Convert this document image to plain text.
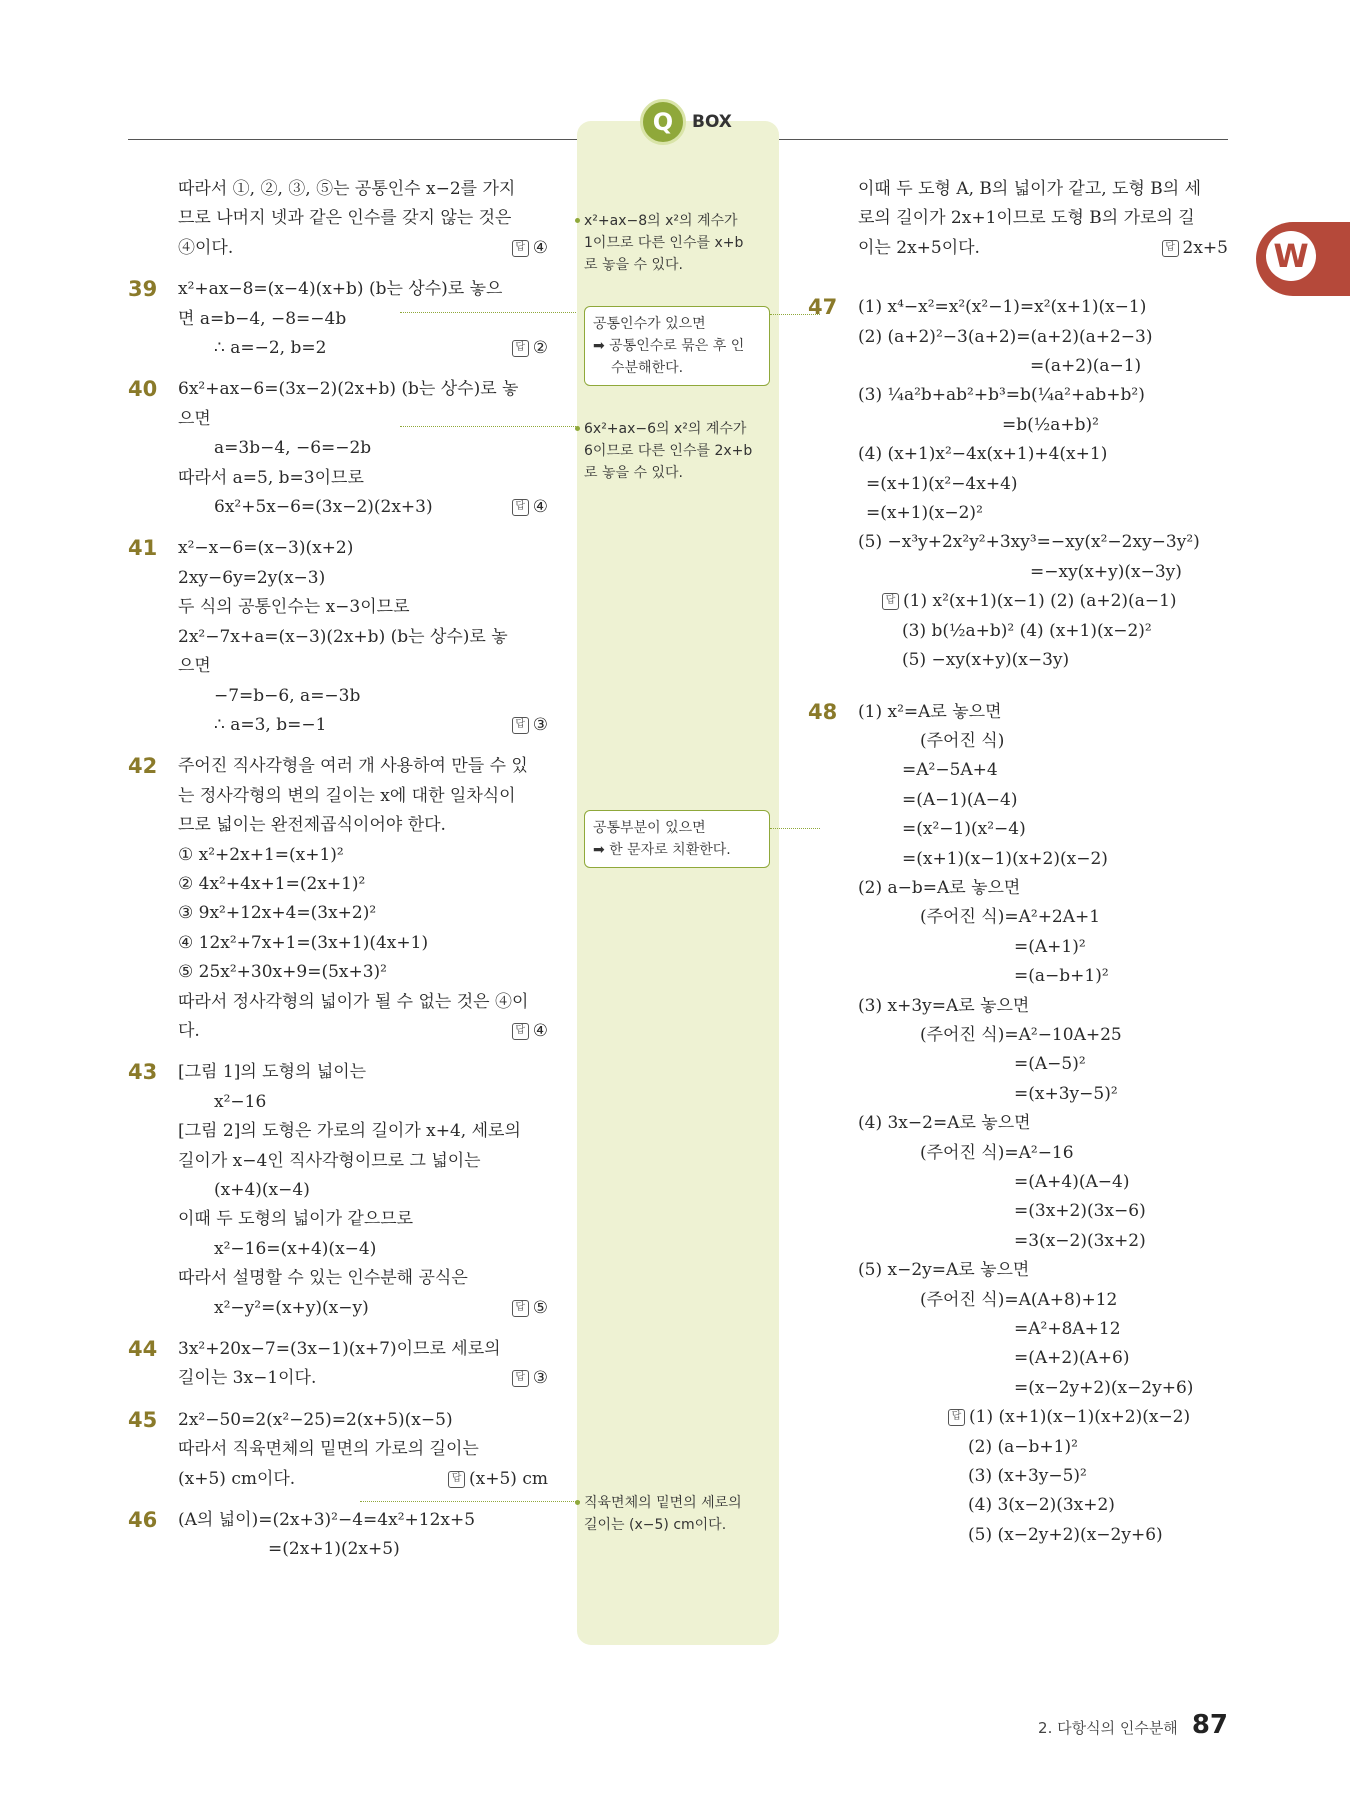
Q	BOX
W
따라서 ①, ②, ③, ⑤는 공통인수 x−2를 가지
므로 나머지 넷과 같은 인수를 갖지 않는 것은
④이다.	답 ④
39	x²+ax−8=(x−4)(x+b) (b는 상수)로 놓으
면 a=b−4, −8=−4b
∴ a=−2, b=2	답 ②
40	6x²+ax−6=(3x−2)(2x+b) (b는 상수)로 놓
으면
a=3b−4, −6=−2b
따라서 a=5, b=3이므로
6x²+5x−6=(3x−2)(2x+3)	답 ④
41	x²−x−6=(x−3)(x+2)
2xy−6y=2y(x−3)
두 식의 공통인수는 x−3이므로
2x²−7x+a=(x−3)(2x+b) (b는 상수)로 놓
으면
−7=b−6, a=−3b
∴ a=3, b=−1	답 ③
42	주어진 직사각형을 여러 개 사용하여 만들 수 있
는 정사각형의 변의 길이는 x에 대한 일차식이
므로 넓이는 완전제곱식이어야 한다.
① x²+2x+1=(x+1)²
② 4x²+4x+1=(2x+1)²
③ 9x²+12x+4=(3x+2)²
④ 12x²+7x+1=(3x+1)(4x+1)
⑤ 25x²+30x+9=(5x+3)²
따라서 정사각형의 넓이가 될 수 없는 것은 ④이
다.	답 ④
43	[그림 1]의 도형의 넓이는
x²−16
[그림 2]의 도형은 가로의 길이가 x+4, 세로의
길이가 x−4인 직사각형이므로 그 넓이는
(x+4)(x−4)
이때 두 도형의 넓이가 같으므로
x²−16=(x+4)(x−4)
따라서 설명할 수 있는 인수분해 공식은
x²−y²=(x+y)(x−y)	답 ⑤
44	3x²+20x−7=(3x−1)(x+7)이므로 세로의
길이는 3x−1이다.	답 ③
45	2x²−50=2(x²−25)=2(x+5)(x−5)
따라서 직육면체의 밑면의 가로의 길이는
(x+5) cm이다.	답 (x+5) cm
46	(A의 넓이)=(2x+3)²−4=4x²+12x+5
=(2x+1)(2x+5)
x²+ax−8의 x²의 계수가
1이므로 다른 인수를 x+b
로 놓을 수 있다.
공통인수가 있으면
➡ 공통인수로 묶은 후 인
수분해한다.
6x²+ax−6의 x²의 계수가
6이므로 다른 인수를 2x+b
로 놓을 수 있다.
공통부분이 있으면
➡ 한 문자로 치환한다.
직육면체의 밑면의 세로의
길이는 (x−5) cm이다.
이때 두 도형 A, B의 넓이가 같고, 도형 B의 세
로의 길이가 2x+1이므로 도형 B의 가로의 길
이는 2x+5이다.	답 2x+5
47	(1) x⁴−x²=x²(x²−1)=x²(x+1)(x−1)
(2) (a+2)²−3(a+2)=(a+2)(a+2−3)
=(a+2)(a−1)
(3) ¼a²b+ab²+b³=b(¼a²+ab+b²)
=b(½a+b)²
(4) (x+1)x²−4x(x+1)+4(x+1)
=(x+1)(x²−4x+4)
=(x+1)(x−2)²
(5) −x³y+2x²y²+3xy³=−xy(x²−2xy−3y²)
=−xy(x+y)(x−3y)
답 (1) x²(x+1)(x−1) (2) (a+2)(a−1)
(3) b(½a+b)² (4) (x+1)(x−2)²
(5) −xy(x+y)(x−3y)
48	(1) x²=A로 놓으면
(주어진 식)
=A²−5A+4
=(A−1)(A−4)
=(x²−1)(x²−4)
=(x+1)(x−1)(x+2)(x−2)
(2) a−b=A로 놓으면
(주어진 식)=A²+2A+1
=(A+1)²
=(a−b+1)²
(3) x+3y=A로 놓으면
(주어진 식)=A²−10A+25
=(A−5)²
=(x+3y−5)²
(4) 3x−2=A로 놓으면
(주어진 식)=A²−16
=(A+4)(A−4)
=(3x+2)(3x−6)
=3(x−2)(3x+2)
(5) x−2y=A로 놓으면
(주어진 식)=A(A+8)+12
=A²+8A+12
=(A+2)(A+6)
=(x−2y+2)(x−2y+6)
답 (1) (x+1)(x−1)(x+2)(x−2)
(2) (a−b+1)²
(3) (x+3y−5)²
(4) 3(x−2)(3x+2)
(5) (x−2y+2)(x−2y+6)
2. 다항식의 인수분해 87
